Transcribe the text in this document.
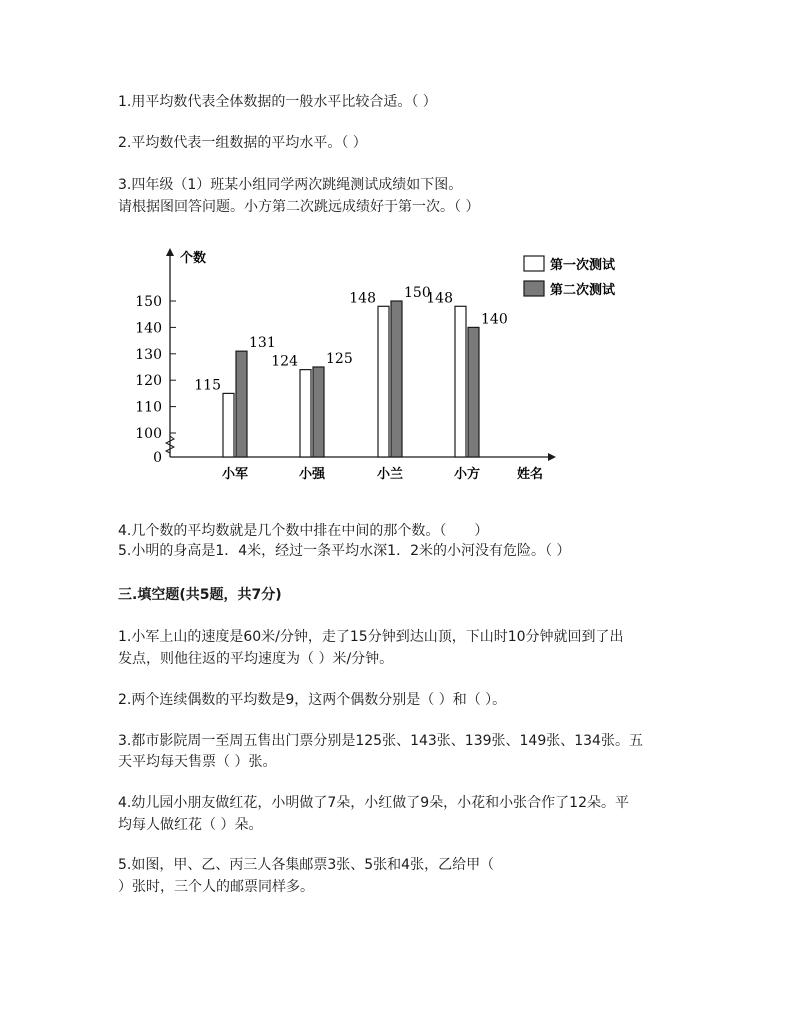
1.用平均数代表全体数据的一般水平比较合适。（ ）
2.平均数代表一组数据的平均水平。（ ）
3.四年级（1）班某小组同学两次跳绳测试成绩如下图。
请根据图回答问题。小方第二次跳远成绩好于第一次。（ ）
0
100
110
120
130
140
150
个数
姓名
115
131
小军
124 125
小强
148 150
小兰
148
140
小方
第一次测试
第二次测试
4.几个数的平均数就是几个数中排在中间的那个数。（　　）
5.小明的身高是1．4米，经过一条平均水深1．2米的小河没有危险。（ ）
三.填空题(共5题，共7分)
1.小军上山的速度是60米/分钟，走了15分钟到达山顶，下山时10分钟就回到了出
发点，则他往返的平均速度为（ ）米/分钟。
2.两个连续偶数的平均数是9，这两个偶数分别是（ ）和（ ）。
3.都市影院周一至周五售出门票分别是125张、143张、139张、149张、134张。五
天平均每天售票（ ）张。
4.幼儿园小朋友做红花，小明做了7朵，小红做了9朵，小花和小张合作了12朵。平
均每人做红花（ ）朵。
5.如图，甲、乙、丙三人各集邮票3张、5张和4张，乙给甲（
）张时，三个人的邮票同样多。
